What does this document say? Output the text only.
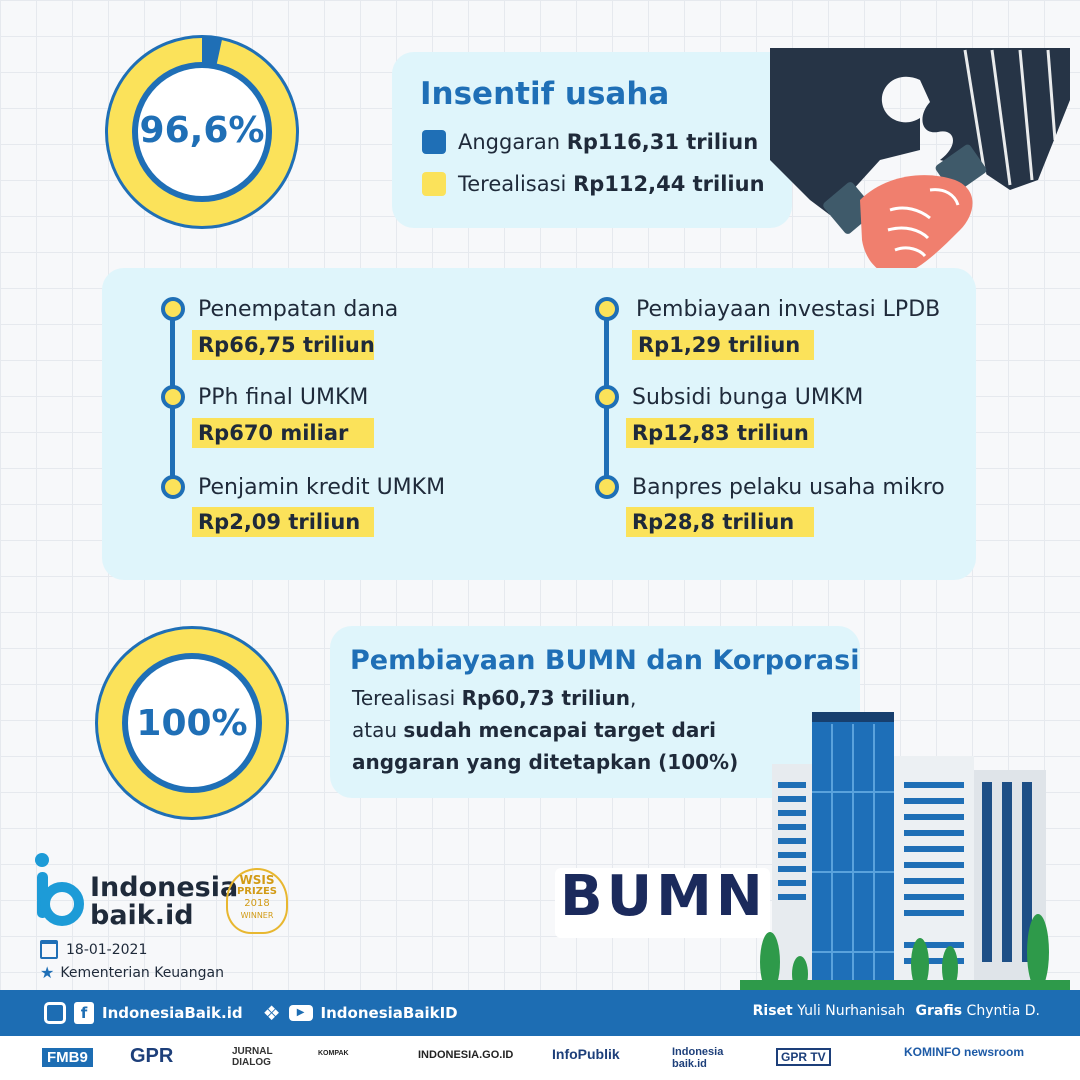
96,6%
Insentif usaha
Anggaran Rp116,31 triliun
Terealisasi Rp112,44 triliun
Penempatan dana
Rp66,75 triliun
PPh final UMKM
Rp670 miliar
Penjamin kredit UMKM
Rp2,09 triliun
Pembiayaan investasi LPDB
Rp1,29 triliun
Subsidi bunga UMKM
Rp12,83 triliun
Banpres pelaku usaha mikro
Rp28,8 triliun
100%
Pembiayaan BUMN dan Korporasi
Terealisasi Rp60,73 triliun,
atau sudah mencapai target dari
anggaran yang ditetapkan (100%)
BUMN
Indonesia
baik.id
WSIS
PRIZES
2018
WINNER
18-01-2021
★ Kementerian Keuangan
f IndonesiaBaik.id ❖	▶	IndonesiaBaikID	Riset Yuli Nurhanisah Grafis Chyntia D.
FMB9 GPR	JURNAL DIALOG
KOMPAK	INDONESIA.GO.ID	InfoPublik	Indonesia baik.id	GPR TV	KOMINFO newsroom
